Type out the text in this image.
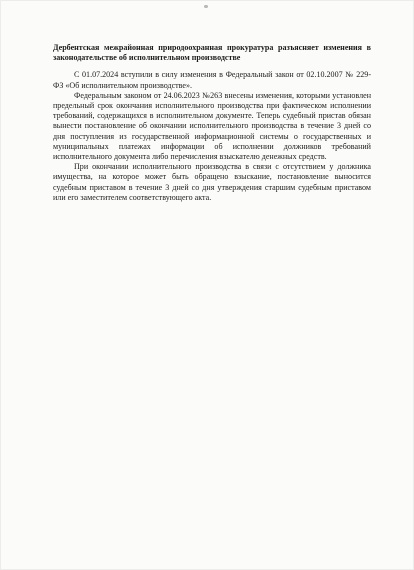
Дербентская межрайонная природоохранная прокуратура разъясняет изменения в законодательстве об исполнительном производстве

С 01.07.2024 вступили в силу изменения в Федеральный закон от 02.10.2007 № 229-ФЗ «Об исполнительном производстве».

Федеральным законом от 24.06.2023 №263 внесены изменения, которыми установлен предельный срок окончания исполнительного производства при фактическом исполнении требований, содержащихся в исполнительном документе. Теперь судебный пристав обязан вынести постановление об окончании исполнительного производства в течение 3 дней со дня поступления из государственной информационной системы о государственных и муниципальных платежах информации об исполнении должников требований исполнительного документа либо перечисления взыскателю денежных средств.

При окончании исполнительного производства в связи с отсутствием у должника имущества, на которое может быть обращено взыскание, постановление выносится судебным приставом в течение 3 дней со дня утверждения старшим судебным приставом или его заместителем соответствующего акта.
